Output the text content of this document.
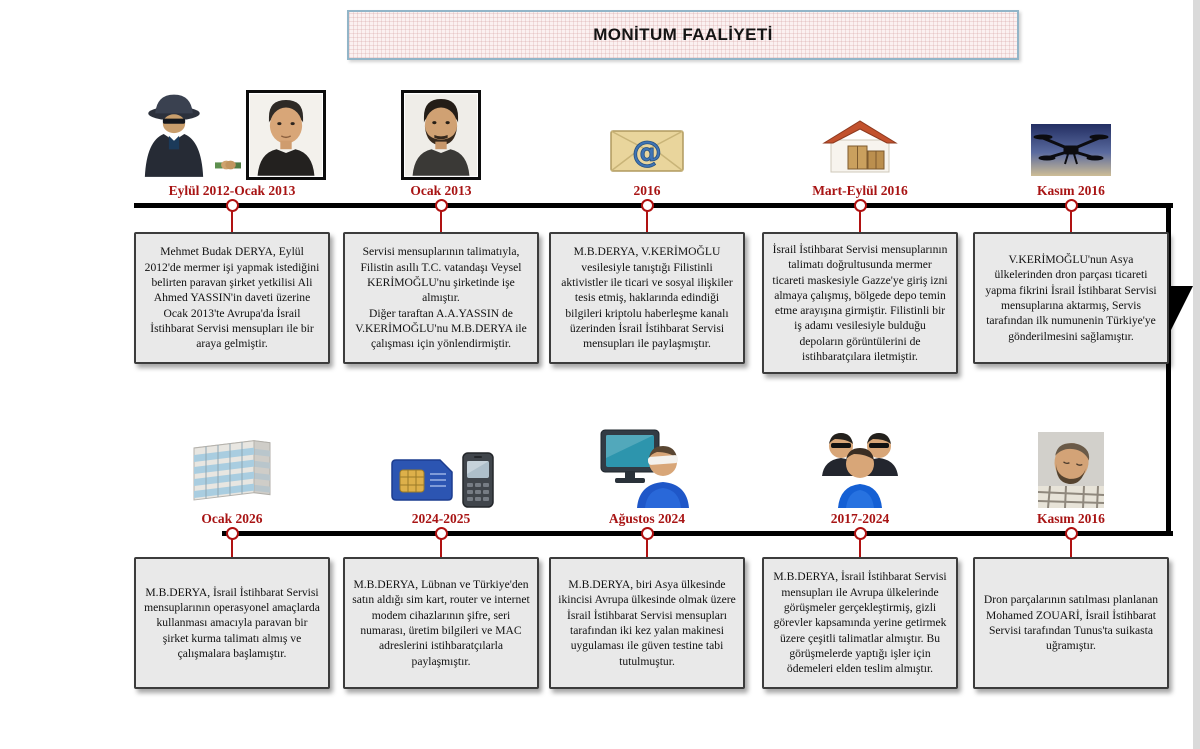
MONİTUM FAALİYETİ
Eylül 2012-Ocak 2013

Mehmet Budak DERYA, Eylül 2012'de mermer işi yapmak istediğini belirten paravan şirket yetkilisi Ali Ahmed YASSIN'in daveti üzerine Ocak 2013'te Avrupa'da İsrail İstihbarat Servisi mensupları ile bir araya gelmiştir.

Ocak 2013

Servisi mensuplarının talimatıyla, Filistin asıllı T.C. vatandaşı Veysel KERİMOĞLU'nu şirketinde işe almıştır.
Diğer taraftan A.A.YASSIN de V.KERİMOĞLU'nu M.B.DERYA ile çalışması için yönlendirmiştir.

@
2016

M.B.DERYA, V.KERİMOĞLU vesilesiyle tanıştığı Filistinli aktivistler ile ticari ve sosyal ilişkiler tesis etmiş, haklarında edindiği bilgileri kriptolu haberleşme kanalı üzerinden İsrail İstihbarat Servisi mensupları ile paylaşmıştır.

Mart-Eylül 2016

İsrail İstihbarat Servisi mensuplarının talimatı doğrultusunda mermer ticareti maskesiyle Gazze'ye giriş izni almaya çalışmış, bölgede depo temin etme arayışına girmiştir. Filistinli bir iş adamı vesilesiyle bulduğu depoların görüntülerini de istihbaratçılara iletmiştir.

Kasım 2016

V.KERİMOĞLU'nun Asya ülkelerinden dron parçası ticareti yapma fikrini İsrail İstihbarat Servisi mensuplarına aktarmış, Servis tarafından ilk numunenin Türkiye'ye gönderilmesini sağlamıştır.

Ocak 2026

M.B.DERYA, İsrail İstihbarat Servisi mensuplarının operasyonel amaçlarda kullanması amacıyla paravan bir şirket kurma talimatı almış ve çalışmalara başlamıştır.

2024-2025

M.B.DERYA, Lübnan ve Türkiye'den satın aldığı sim kart, router ve internet modem cihazlarının şifre, seri numarası, üretim bilgileri ve MAC adreslerini istihbaratçılarla paylaşmıştır.

Ağustos 2024

M.B.DERYA, biri Asya ülkesinde ikincisi Avrupa ülkesinde olmak üzere İsrail İstihbarat Servisi mensupları tarafından iki kez yalan makinesi uygulaması ile güven testine tabi tutulmuştur.

2017-2024

M.B.DERYA, İsrail İstihbarat Servisi mensupları ile Avrupa ülkelerinde görüşmeler gerçekleştirmiş, gizli görevler kapsamında yerine getirmek üzere çeşitli talimatlar almıştır. Bu görüşmelerde yaptığı işler için ödemeleri elden teslim almıştır.

Kasım 2016

Dron parçalarının satılması planlanan Mohamed ZOUARİ, İsrail İstihbarat Servisi tarafından Tunus'ta suikasta uğramıştır.
